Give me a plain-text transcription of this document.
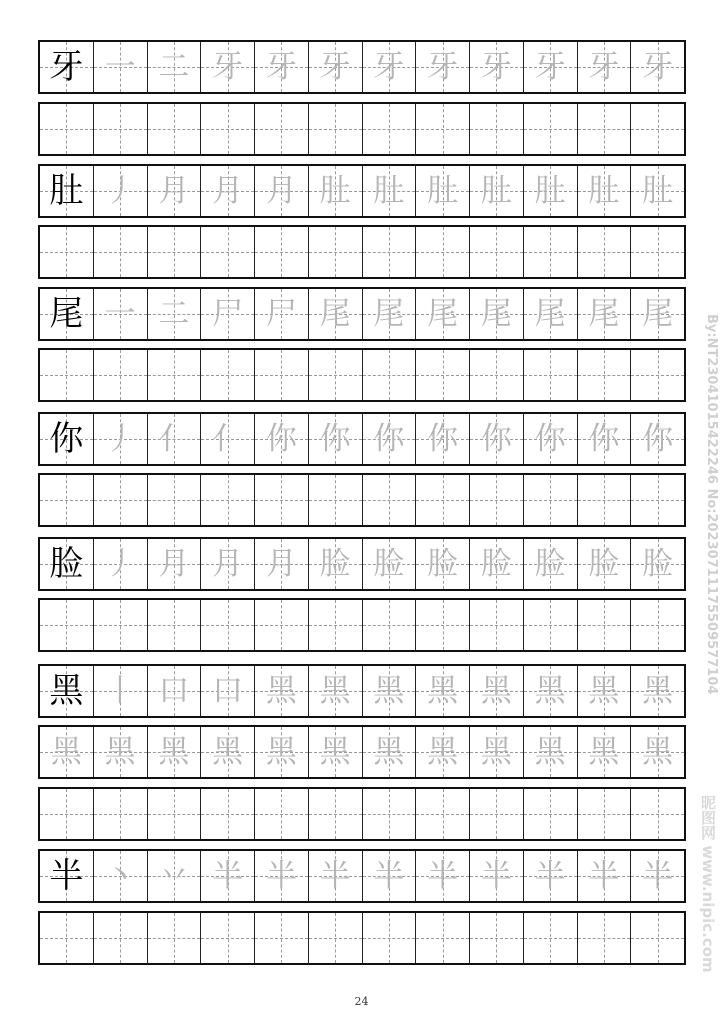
牙 一 二 牙 牙 牙 牙 牙 牙 牙 牙 牙
肚 丿 月 月 月 肚 肚 肚 肚 肚 肚 肚
尾 一 二 尸 尸 尾 尾 尾 尾 尾 尾 尾
你 丿 亻 亻 你 你 你 你 你 你 你 你
脸 丿 月 月 月 脸 脸 脸 脸 脸 脸 脸
黑 丨 口 口 黑 黑 黑 黑 黑 黑 黑 黑
黑 黑 黑 黑 黑 黑 黑 黑 黑 黑 黑 黑
半 丶 丷 半 半 半 半 半 半 半 半 半
24
By:NT23041015422246 No:20230711175509577104
昵图网 www.nipic.com
